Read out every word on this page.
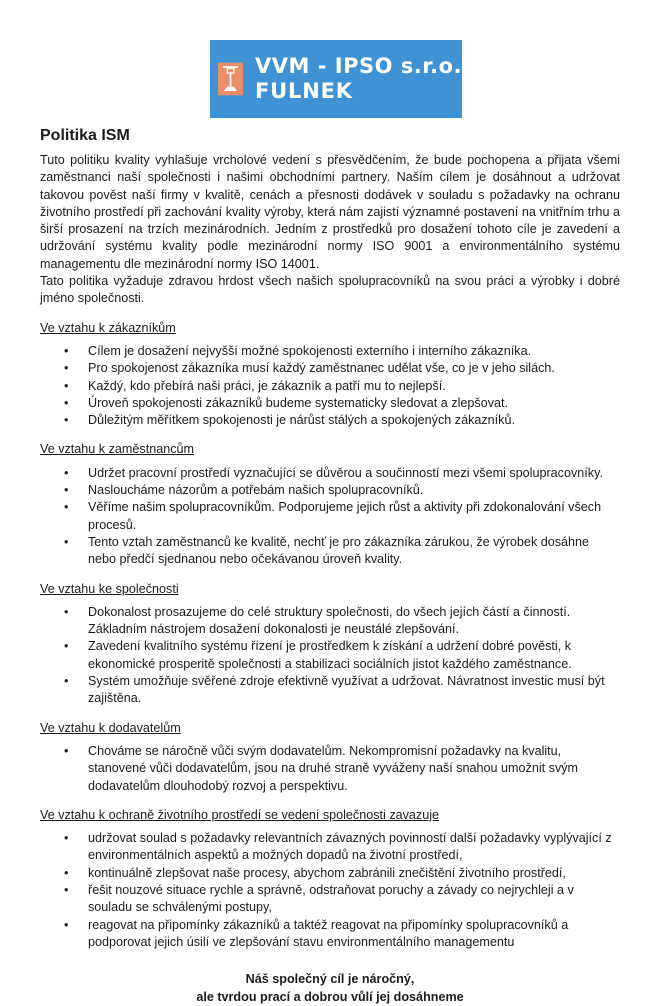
VVM - IPSO s.r.o.
FULNEK
Politika ISM

Tuto politiku kvality vyhlašuje vrcholové vedení s přesvědčením, že bude pochopena a přijata všemi zaměstnanci naší společnosti i našimi obchodními partnery. Naším cílem je dosáhnout a udržovat takovou pověst naší firmy v kvalitě, cenách a přesnosti dodávek v souladu s požadavky na ochranu životního prostředí při zachování kvality výroby, která nám zajistí významné postavení na vnitřním trhu a širší prosazení na trzích mezinárodních. Jedním z prostředků pro dosažení tohoto cíle je zavedení a udržování systému kvality podle mezinárodní normy ISO 9001 a environmentálního systému managementu dle mezinárodní normy ISO 14001.

Tato politika vyžaduje zdravou hrdost všech našich spolupracovníků na svou práci a výrobky i dobré jméno společnosti.

Ve vztahu k zákazníkům
• Cílem je dosažení nejvyšší možné spokojenosti externího i interního zákazníka.
• Pro spokojenost zákazníka musí každý zaměstnanec udělat vše, co je v jeho silách.
• Každý, kdo přebírá naši práci, je zákazník a patří mu to nejlepší.
• Úroveň spokojenosti zákazníků budeme systematicky sledovat a zlepšovat.
• Důležitým měřítkem spokojenosti je nárůst stálých a spokojených zákazníků.
Ve vztahu k zaměstnancům
• Udržet pracovní prostředí vyznačující se důvěrou a součinností mezi všemi spolupracovníky.
• Nasloucháme názorům a potřebám našich spolupracovníků.
• Věříme našim spolupracovníkům. Podporujeme jejich růst a aktivity při zdokonalování všech procesů.
• Tento vztah zaměstnanců ke kvalitě, nechť je pro zákazníka zárukou, že výrobek dosáhne nebo předčí sjednanou nebo očekávanou úroveň kvality.
Ve vztahu ke společnosti
• Dokonalost prosazujeme do celé struktury společnosti, do všech jejích částí a činností. Základním nástrojem dosažení dokonalosti je neustálé zlepšování.
• Zavedení kvalitního systému řízení je prostředkem k získání a udržení dobré pověsti, k ekonomické prosperitě společnosti a stabilizaci sociálních jistot každého zaměstnance.
• Systém umožňuje svěřené zdroje efektivně využívat a udržovat. Návratnost investic musí být zajištěna.
Ve vztahu k dodavatelům
• Chováme se náročně vůči svým dodavatelům. Nekompromisní požadavky na kvalitu, stanovené vůči dodavatelům, jsou na druhé straně vyváženy naší snahou umožnit svým dodavatelům dlouhodobý rozvoj a perspektivu.
Ve vztahu k ochraně životního prostředí se vedení společnosti zavazuje
• udržovat soulad s požadavky relevantních závazných povinností další požadavky vyplývající z environmentálních aspektů a možných dopadů na životní prostředí,
• kontinuálně zlepšovat naše procesy, abychom zabránili znečištění životního prostředí,
• řešit nouzové situace rychle a správně, odstraňovat poruchy a závady co nejrychleji a v souladu se schválenými postupy,
• reagovat na připomínky zákazníků a taktéž reagovat na připomínky spolupracovníků a podporovat jejich úsilí ve zlepšování stavu environmentálního managementu
Náš společný cíl je náročný,
ale tvrdou prací a dobrou vůlí jej dosáhneme
